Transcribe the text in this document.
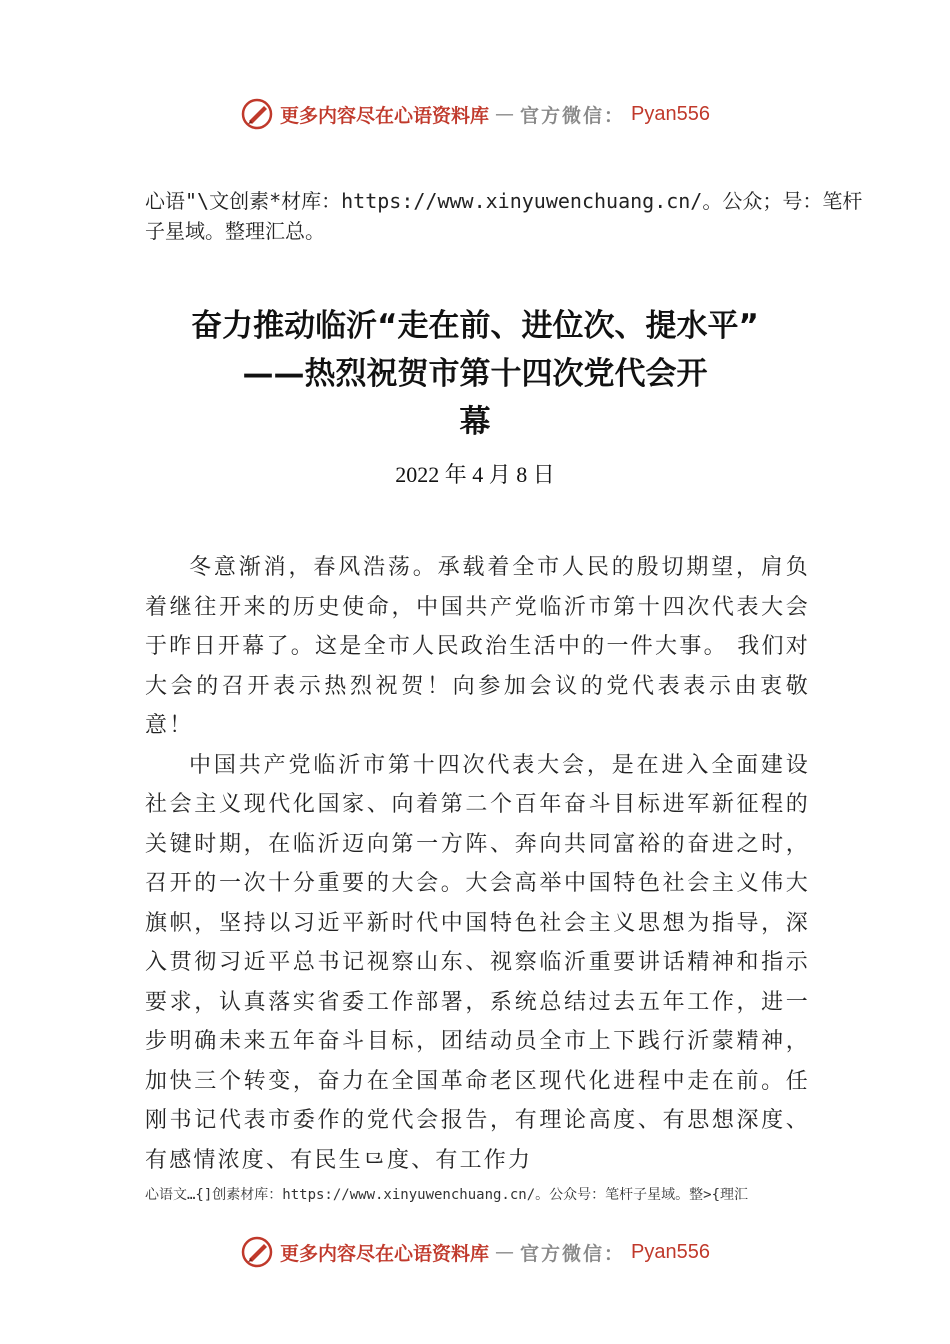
更多内容尽在心语资料库 — 官方微信： Pyan556
心语"\文创素*材库：https://www.xinyuwenchuang.cn/。公众；号：笔杆子星域。整理汇总。
奋力推动临沂“走在前、进位次、提水平”
——热烈祝贺市第十四次党代会开
幕
2022 年 4 月 8 日

冬意渐消，春风浩荡。承载着全市人民的殷切期望，肩负着继往开来的历史使命，中国共产党临沂市第十四次代表大会于昨日开幕了。这是全市人民政治生活中的一件大事。 我们对大会的召开表示热烈祝贺！向参加会议的党代表表示由衷敬意！

中国共产党临沂市第十四次代表大会，是在进入全面建设社会主义现代化国家、向着第二个百年奋斗目标进军新征程的关键时期，在临沂迈向第一方阵、奔向共同富裕的奋进之时，召开的一次十分重要的大会。大会高举中国特色社会主义伟大旗帜，坚持以习近平新时代中国特色社会主义思想为指导，深入贯彻习近平总书记视察山东、视察临沂重要讲话精神和指示要求，认真落实省委工作部署，系统总结过去五年工作，进一步明确未来五年奋斗目标，团结动员全市上下践行沂蒙精神，加快三个转变，奋力在全国革命老区现代化进程中走在前。任刚书记代表市委作的党代会报告，有理论高度、有思想深度、有感情浓度、有民生⺋度、有工作力

心语文…{]创素材库：https://www.xinyuwenchuang.cn/。公众号：笔杆子星域。整>{理汇
更多内容尽在心语资料库 — 官方微信： Pyan556
